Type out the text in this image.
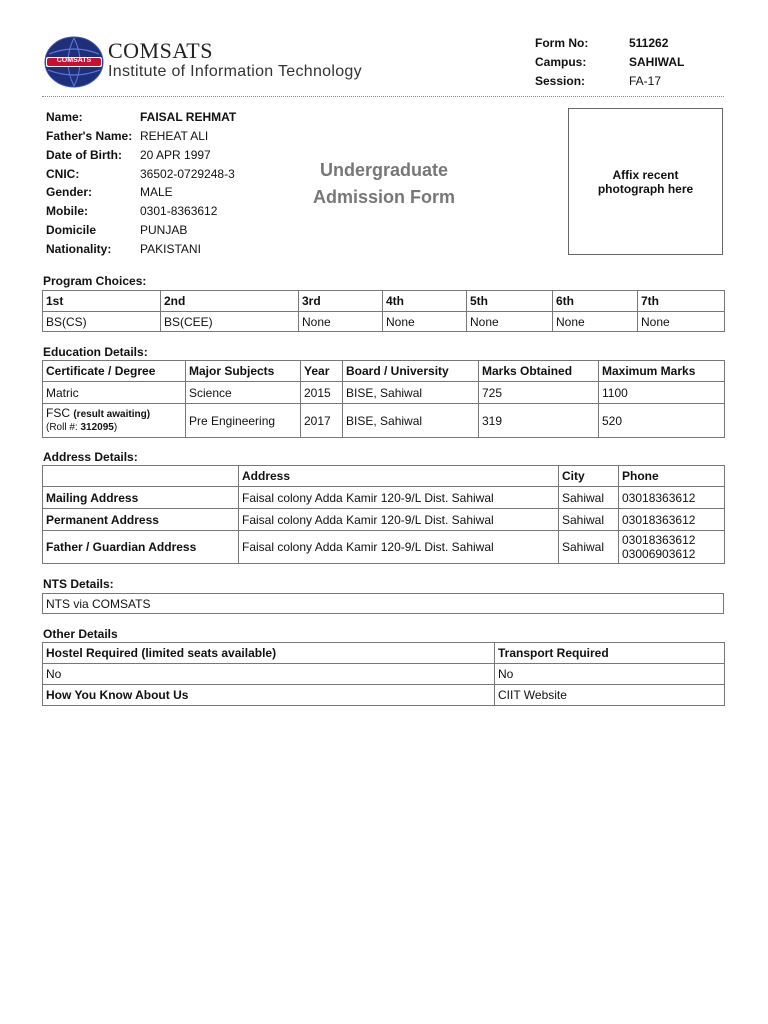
COMSATS COMSATS
Institute of Information Technology
Form No:	511262
Campus:	SAHIWAL
Session:	FA-17
Name:	FAISAL REHMAT
Father's Name: REHEAT ALI
Date of Birth: 20 APR 1997
CNIC:	36502-0729248-3
Gender:	MALE
Mobile:	0301-8363612
Domicile	PUNJAB
Nationality: PAKISTANI
Undergraduate
Admission Form
Affix recent photograph here
Program Choices:
1st	2nd	3rd	4th	5th	6th	7th
BS(CS)	BS(CEE)	None	None	None	None	None
Education Details:
Certificate / Degree	Major Subjects	Year	Board / University	Marks Obtained	Maximum Marks
Matric	Science	2015	BISE, Sahiwal	725	1100

FSC (result awaiting)
(Roll #: 312095)	Pre Engineering	2017	BISE, Sahiwal	319	520
Address Details:
	Address	City	Phone
Mailing Address	Faisal colony Adda Kamir 120-9/L Dist. Sahiwal	Sahiwal	03018363612
Permanent Address	Faisal colony Adda Kamir 120-9/L Dist. Sahiwal	Sahiwal	03018363612
Father / Guardian Address	Faisal colony Adda Kamir 120-9/L Dist. Sahiwal	Sahiwal	03018363612
03006903612
NTS Details:
NTS via COMSATS
Other Details
Hostel Required (limited seats available)	Transport Required
No	No
How You Know About Us	CIIT Website
